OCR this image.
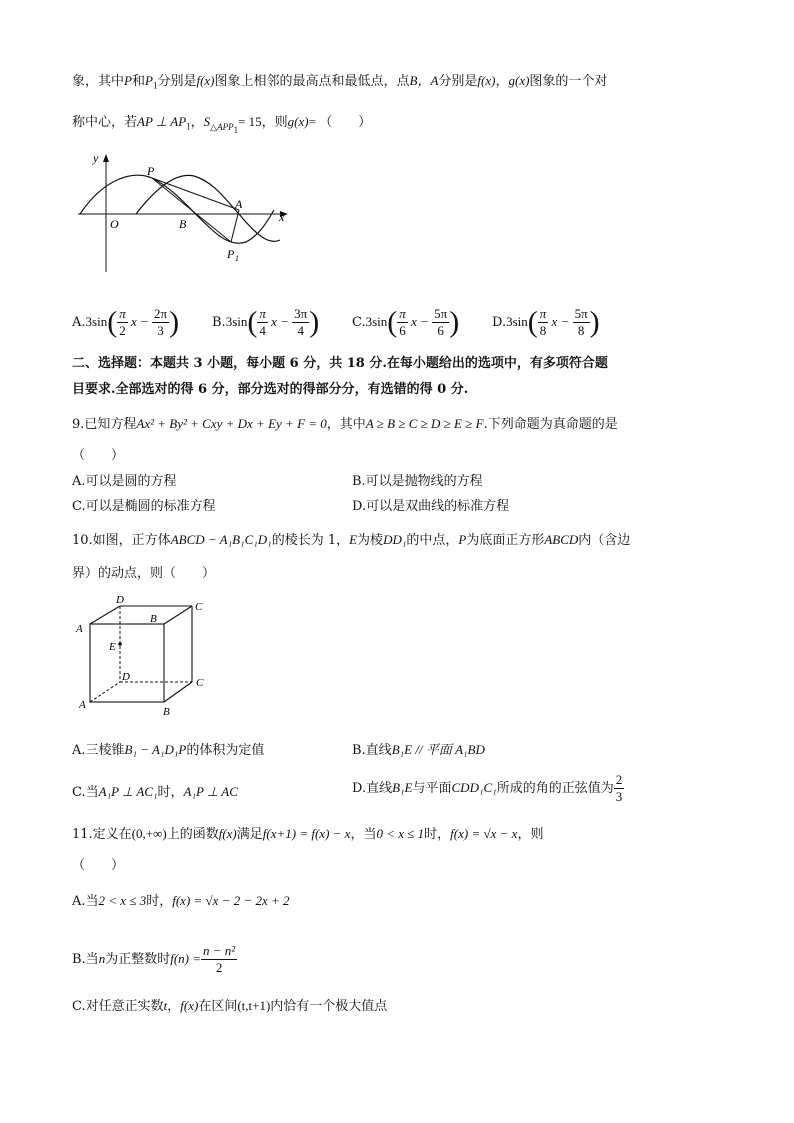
象，其中P和$P_1$分别是f(x)图象上相邻的最高点和最低点，点B，A分别是f(x)，g(x)图象的一个对
称中心，若AP ⊥ $AP_1$，$S_{\triangle APP_1}= 15$，则g(x)= （　　）
y
x
O
P
B
A
P 1
$A.3\sin( \frac{\pi}{2}$ $x - \frac{2\pi}{3}$ )	$B.3\sin( \frac{\pi}{4}$ $x - \frac{3\pi}{4}$ )	$C.3\sin( \frac{\pi}{6}$ $x - \frac{5\pi}{6}$ )	$D.3\sin( \frac{\pi}{8}$ $x - \frac{5\pi}{8}$ )
二、选择题：本题共 3 小题，每小题 6 分，共 18 分.在每小题给出的选项中，有多项符合题
目要求.全部选对的得 6 分，部分选对的得部分分，有选错的得 0 分.
9.已知方程Ax² + By² + Cxy + Dx + Ey + F = 0，其中A ≥ B ≥ C ≥ D ≥ E ≥ F.下列命题为真命题的是
（　　）
A.可以是圆的方程	B.可以是抛物线的方程
C.可以是椭圆的标准方程	D.可以是双曲线的标准方程
10.如图，正方体ABCD − A₁B₁C₁D₁的棱长为 1，E为棱DD₁的中点，P为底面正方形ABCD内（含边
界）的动点，则（　　）
D
C
A
B
E
D	C
A
B
A.三棱锥B₁ − A₁D₁P的体积为定值	B.直线B₁E // 平面 A₁BD
C.当A₁P ⊥ AC₁时，A₁P ⊥ AC	D.直线B₁E与平面CDD₁C₁所成的角的正弦值为 $\frac{2}{3}$
11.定义在(0,+∞)上的函数f(x)满足f(x+1) = f(x) − x，当0 < x ≤ 1时，f(x) = √x − x，则
（　　）
A.当2 < x ≤ 3时，f(x) = √x − 2 − 2x + 2
B.当n为正整数时$f(n) = \frac{\text{n − n²}}{2}$
C.对任意正实数t，f(x)在区间(t,t+1)内恰有一个极大值点
